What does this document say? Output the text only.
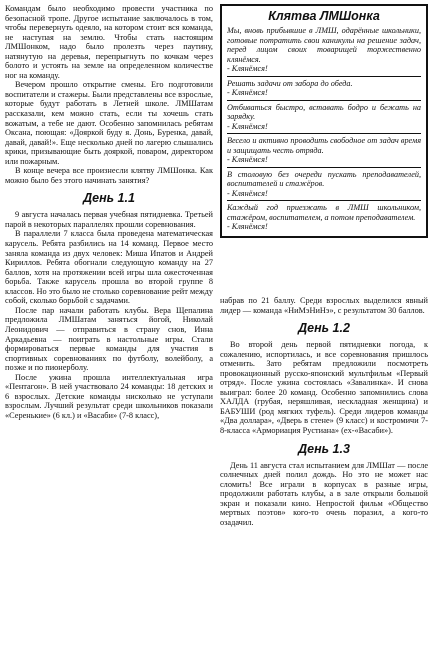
Командам было необходимо провести участника по безопасной тропе. Другое испытание заключалось в том, чтобы перевернуть одеяло, на котором стоит вся команда, не наступая на землю. Чтобы стать настоящим ЛМШонком, надо было пролезть через паутину, натянутую на деревья, перепрыгнуть по кочкам через болото и устоять на земле на определенном количестве ног на команду.

Вечером прошло открытие смены. Его подготовили воспитатели и стажеры. Были представлены все взрослые, которые будут работать в Летней школе. ЛМШатам рассказали, кем можно стать, если ты хочешь стать вожатым, а тебе не дают. Особенно запомнилась ребятам Оксана, поющая: «Дояркой буду я. Донь, Буренка, давай, давай, давай!». Еще несколько дней по лагерю слышались крики, призывающие быть дояркой, поваром, директором или пожарным.

В конце вечера все произнесли клятву ЛМШонка. Как можно было без этого начинать занятия?

День 1.1

9 августа началась первая учебная пятидневка. Третьей парой в некоторых параллелях прошли соревнования.

В параллели 7 класса была проведена математическая карусель. Ребята разбились на 14 команд. Первое место заняла команда из двух человек: Миша Ипатов и Андрей Кириллов. Ребята обогнали следующую команду на 27 баллов, хотя на протяжении всей игры шла ожесточенная борьба. Также карусель прошла во второй группе 8 классов. Но это было не столько соревнование рейт между собой, сколько борьбой с задачами.

После пар начали работать клубы. Вера Щепалина предложила ЛМШатам заняться йогой, Николай Леонидович — отправиться в страну снов, Инна Аркадьевна — поиграть в настольные игры. Стали формироваться первые команды для участия в спортивных соревнованиях по футболу, волейболу, а позже и по пионерболу.

После ужина прошла интеллектуальная игра «Пентагон». В ней участвовало 24 команды: 18 детских и 6 взрослых. Детские команды нисколько не уступали взрослым. Лучший результат среди школьников показали «Серенькие» (6 кл.) и «Васаби» (7-8 класс),

Клятва ЛМШонка

Мы, вновь прибывшие в ЛМШ, одарённые школьники, готовые потратить свои каникулы на решение задач, перед лицом своих товарищей торжественно клянёмся.

- Клянёмся!

Решать задачи от забора до обеда.

- Клянёмся!

Отбиваться быстро, вставать бодро и бежать на зарядку.

- Клянёмся!

Весело и активно проводить свободное от задач время и защищать честь отряда.

- Клянёмся!

В столовую без очереди пускать преподавателей, воспитателей и стажёров.

- Клянёмся!

Каждый год приезжать в ЛМШ школьником, стажёром, воспитателем, а потом преподавателем.

- Клянёмся!

набрав по 21 баллу. Среди взрослых выделился явный лидер — команда «НиМэНиНэ», с результатом 30 баллов.

День 1.2

Во второй день первой пятидневки погода, к сожалению, испортилась, и все соревнования пришлось отменить. Зато ребятам предложили посмотреть провокационный русско-японский мультфильм «Первый отряд». После ужина состоялась «Завалинка». И снова выиграл: более 20 команд. Особенно запомнились слова ХАЛДА (грубая, неряшливая, нескладная женщина) и БАБУШИ (род мягких туфель). Среди лидеров команды «Два доллара», «Дверь в стене» (9 класс) и костромичи 7-8-класса «Армориация Рустиана» (ex-«Васаби»).

День 1.3

День 11 августа стал испытанием для ЛМШат — после солнечных дней полил дождь. Но это не может нас сломить! Все играли в корпусах в разные игры, продолжили работать клубы, а в зале открыли большой экран и показали кино. Непростой фильм «Общество мертвых поэтов» кого-то очень поразил, а кого-то озадачил.
